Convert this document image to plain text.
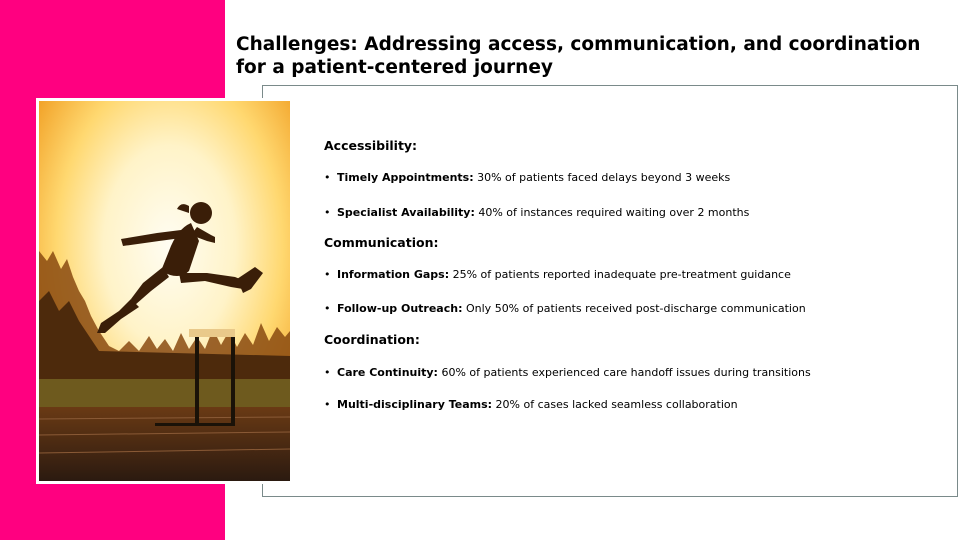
Challenges: Addressing access, communication, and coordination for a patient-centered journey

Accessibility:

• Timely Appointments: 30% of patients faced delays beyond 3 weeks

• Specialist Availability: 40% of instances required waiting over 2 months

Communication:

• Information Gaps: 25% of patients reported inadequate pre-treatment guidance

• Follow-up Outreach: Only 50% of patients received post-discharge communication

Coordination:

• Care Continuity: 60% of patients experienced care handoff issues during transitions

• Multi-disciplinary Teams: 20% of cases lacked seamless collaboration
